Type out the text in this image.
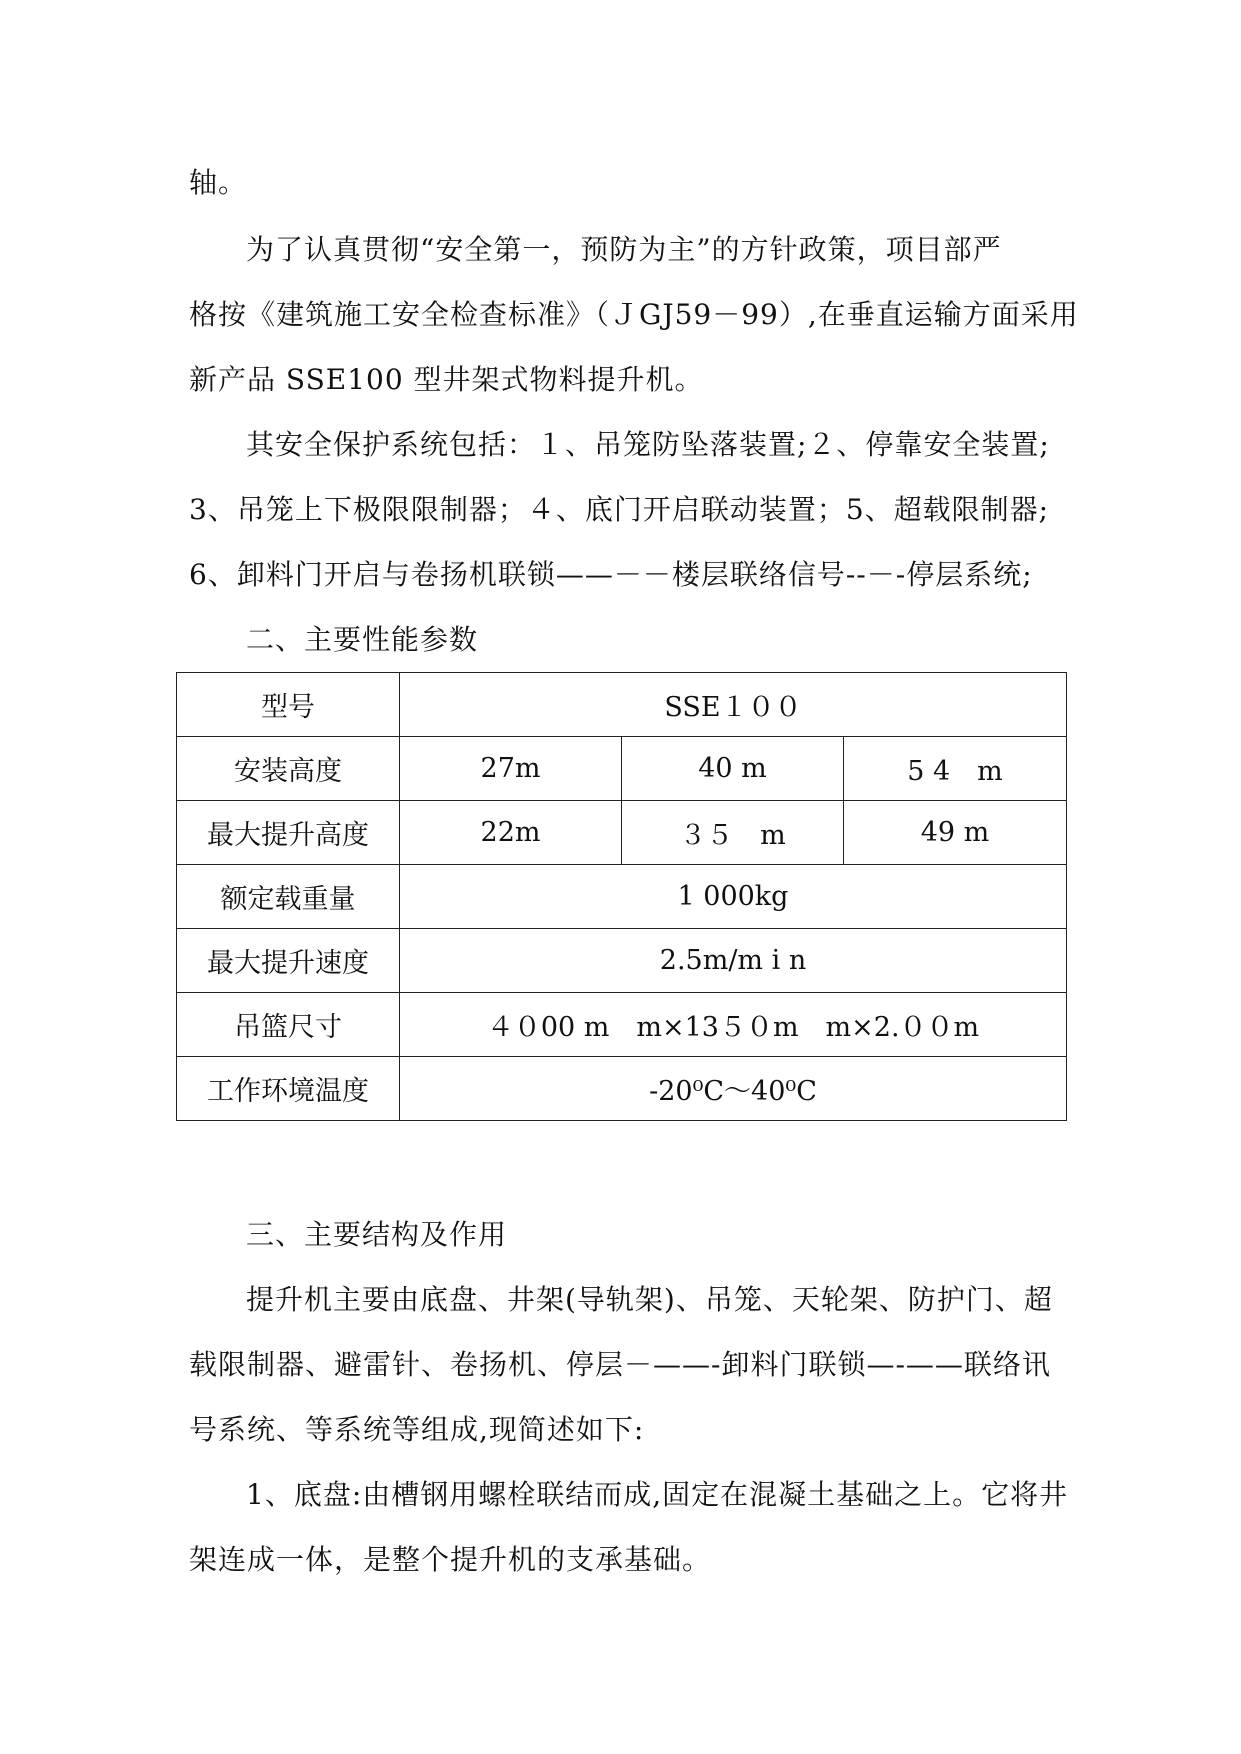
轴。
为了认真贯彻“安全第一，预防为主”的方针政策，项目部严
格按《建筑施工安全检查标准》（ＪGJ59－99）,在垂直运输方面采用
新产品 SSE100 型井架式物料提升机。
其安全保护系统包括：１、吊笼防坠落装置;２、停靠安全装置;
3、吊笼上下极限限制器；４、底门开启联动装置；5、超载限制器;
6、卸料门开启与卷扬机联锁——－－楼层联络信号--－-停层系统;
二、主要性能参数
型号	SSE１００		
安装高度	27m	40 m	5 4　m
最大提升高度	22m	３５　m	49 m
额定载重量	1 000kg		
最大提升速度	2.5m/m i n		
吊篮尺寸	４０00 m　m×13５０m　m×2.００m		
工作环境温度	-20⁰C～40⁰C		
三、主要结构及作用
提升机主要由底盘、井架(导轨架)、吊笼、天轮架、防护门、超
载限制器、避雷针、卷扬机、停层－——-卸料门联锁—-——联络讯
号系统、等系统等组成,现简述如下:
1、底盘:由槽钢用螺栓联结而成,固定在混凝土基础之上。它将井
架连成一体，是整个提升机的支承基础。
